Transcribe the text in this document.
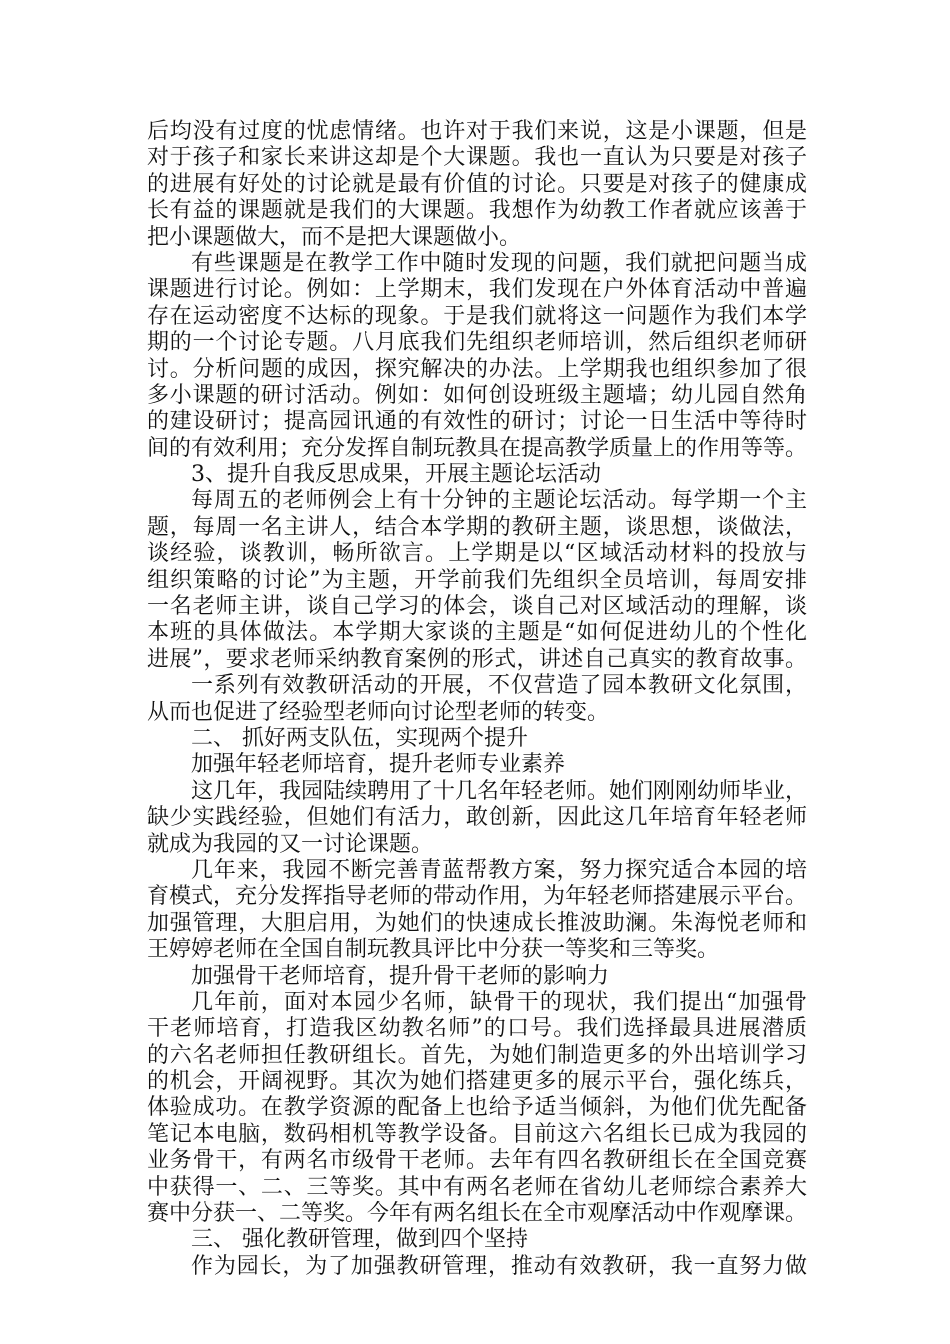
后均没有过度的忧虑情绪。也许对于我们来说，这是小课题，但是
对于孩子和家长来讲这却是个大课题。我也一直认为只要是对孩子
的进展有好处的讨论就是最有价值的讨论。只要是对孩子的健康成
长有益的课题就是我们的大课题。我想作为幼教工作者就应该善于
把小课题做大，而不是把大课题做小。
有些课题是在教学工作中随时发现的问题，我们就把问题当成
课题进行讨论。例如：上学期末，我们发现在户外体育活动中普遍
存在运动密度不达标的现象。于是我们就将这一问题作为我们本学
期的一个讨论专题。八月底我们先组织老师培训，然后组织老师研
讨。分析问题的成因，探究解决的办法。上学期我也组织参加了很
多小课题的研讨活动。例如：如何创设班级主题墙；幼儿园自然角
的建设研讨；提高园讯通的有效性的研讨；讨论一日生活中等待时
间的有效利用；充分发挥自制玩教具在提高教学质量上的作用等等。
3、提升自我反思成果，开展主题论坛活动
每周五的老师例会上有十分钟的主题论坛活动。每学期一个主
题，每周一名主讲人，结合本学期的教研主题，谈思想，谈做法，
谈经验，谈教训，畅所欲言。上学期是以“区域活动材料的投放与
组织策略的讨论”为主题，开学前我们先组织全员培训，每周安排
一名老师主讲，谈自己学习的体会，谈自己对区域活动的理解，谈
本班的具体做法。本学期大家谈的主题是“如何促进幼儿的个性化
进展”，要求老师采纳教育案例的形式，讲述自己真实的教育故事。
一系列有效教研活动的开展，不仅营造了园本教研文化氛围，
从而也促进了经验型老师向讨论型老师的转变。
二、 抓好两支队伍，实现两个提升
加强年轻老师培育，提升老师专业素养
这几年，我园陆续聘用了十几名年轻老师。她们刚刚幼师毕业，
缺少实践经验，但她们有活力，敢创新，因此这几年培育年轻老师
就成为我园的又一讨论课题。
几年来，我园不断完善青蓝帮教方案，努力探究适合本园的培
育模式，充分发挥指导老师的带动作用，为年轻老师搭建展示平台。
加强管理，大胆启用，为她们的快速成长推波助澜。朱海悦老师和
王婷婷老师在全国自制玩教具评比中分获一等奖和三等奖。
加强骨干老师培育，提升骨干老师的影响力
几年前，面对本园少名师，缺骨干的现状，我们提出“加强骨
干老师培育，打造我区幼教名师”的口号。我们选择最具进展潜质
的六名老师担任教研组长。首先，为她们制造更多的外出培训学习
的机会，开阔视野。其次为她们搭建更多的展示平台，强化练兵，
体验成功。在教学资源的配备上也给予适当倾斜，为他们优先配备
笔记本电脑，数码相机等教学设备。目前这六名组长已成为我园的
业务骨干，有两名市级骨干老师。去年有四名教研组长在全国竞赛
中获得一、二、三等奖。其中有两名老师在省幼儿老师综合素养大
赛中分获一、二等奖。今年有两名组长在全市观摩活动中作观摩课。
三、 强化教研管理，做到四个坚持
作为园长，为了加强教研管理，推动有效教研，我一直努力做
